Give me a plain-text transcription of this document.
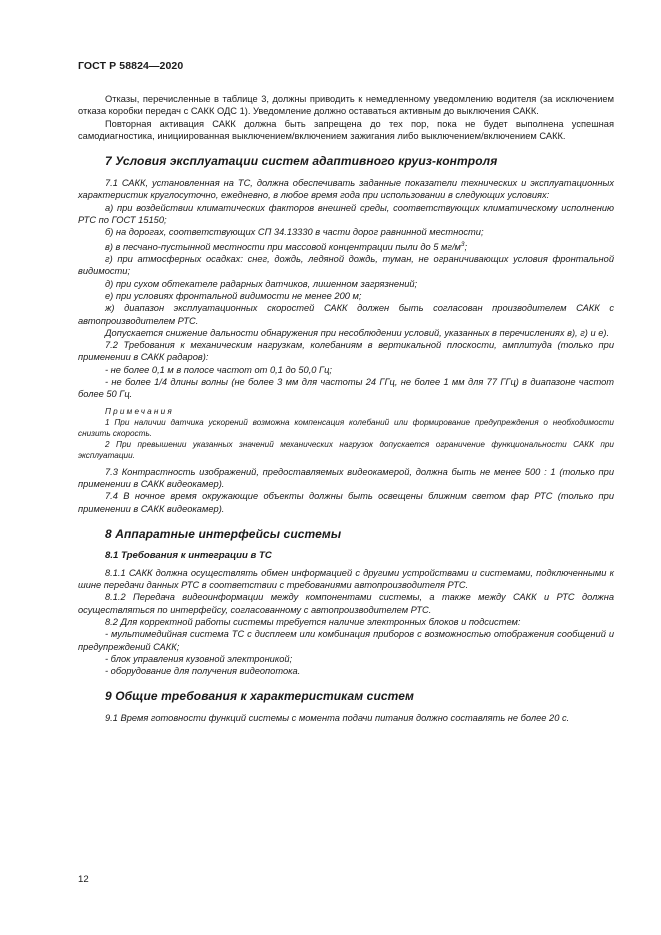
ГОСТ Р 58824—2020

Отказы, перечисленные в таблице 3, должны приводить к немедленному уведомлению водителя (за исключением отказа коробки передач с САКК ОДС 1). Уведомление должно оставаться активным до выключения САКК.

Повторная активация САКК должна быть запрещена до тех пор, пока не будет выполнена успешная самодиагностика, инициированная выключением/включением зажигания либо выключением/включением САКК.

7 Условия эксплуатации систем адаптивного круиз-контроля

7.1 САКК, установленная на ТС, должна обеспечивать заданные показатели технических и эксплуатационных характеристик круглосуточно, ежедневно, в любое время года при использовании в следующих условиях:

а) при воздействии климатических факторов внешней среды, соответствующих климатическому исполнению РТС по ГОСТ 15150;

б) на дорогах, соответствующих СП 34.13330 в части дорог равнинной местности;

в) в песчано-пустынной местности при массовой концентрации пыли до 5 $мг/м^3$;

г) при атмосферных осадках: снег, дождь, ледяной дождь, туман, не ограничивающих условия фронтальной видимости;

д) при сухом обтекателе радарных датчиков, лишенном загрязнений;

е) при условиях фронтальной видимости не менее 200 м;

ж) диапазон эксплуатационных скоростей САКК должен быть согласован производителем САКК с автопроизводителем РТС.

Допускается снижение дальности обнаружения при несоблюдении условий, указанных в перечислениях в), г) и е).

7.2 Требования к механическим нагрузкам, колебаниям в вертикальной плоскости, амплитуда (только при применении в САКК радаров):

- не более 0,1 м в полосе частот от 0,1 до 50,0 Гц;

- не более 1/4 длины волны (не более 3 мм для частоты 24 ГГц, не более 1 мм для 77 ГГц) в диапазоне частот более 50 Гц.

Примечания

1 При наличии датчика ускорений возможна компенсация колебаний или формирование предупреждения о необходимости снизить скорость.

2 При превышении указанных значений механических нагрузок допускается ограничение функциональности САКК при эксплуатации.

7.3 Контрастность изображений, предоставляемых видеокамерой, должна быть не менее 500 : 1 (только при применении в САКК видеокамер).

7.4 В ночное время окружающие объекты должны быть освещены ближним светом фар РТС (только при применении в САКК видеокамер).

8 Аппаратные интерфейсы системы
8.1 Требования к интеграции в ТС

8.1.1 САКК должна осуществлять обмен информацией с другими устройствами и системами, подключенными к шине передачи данных РТС в соответствии с требованиями автопроизводителя РТС.

8.1.2 Передача видеоинформации между компонентами системы, а также между САКК и РТС должна осуществляться по интерфейсу, согласованному с автопроизводителем РТС.

8.2 Для корректной работы системы требуется наличие электронных блоков и подсистем:

- мультимедийная система ТС с дисплеем или комбинация приборов с возможностью отображения сообщений и предупреждений САКК;

- блок управления кузовной электроникой;

- оборудование для получения видеопотока.

9 Общие требования к характеристикам систем

9.1 Время готовности функций системы с момента подачи питания должно составлять не более 20 с.

12
